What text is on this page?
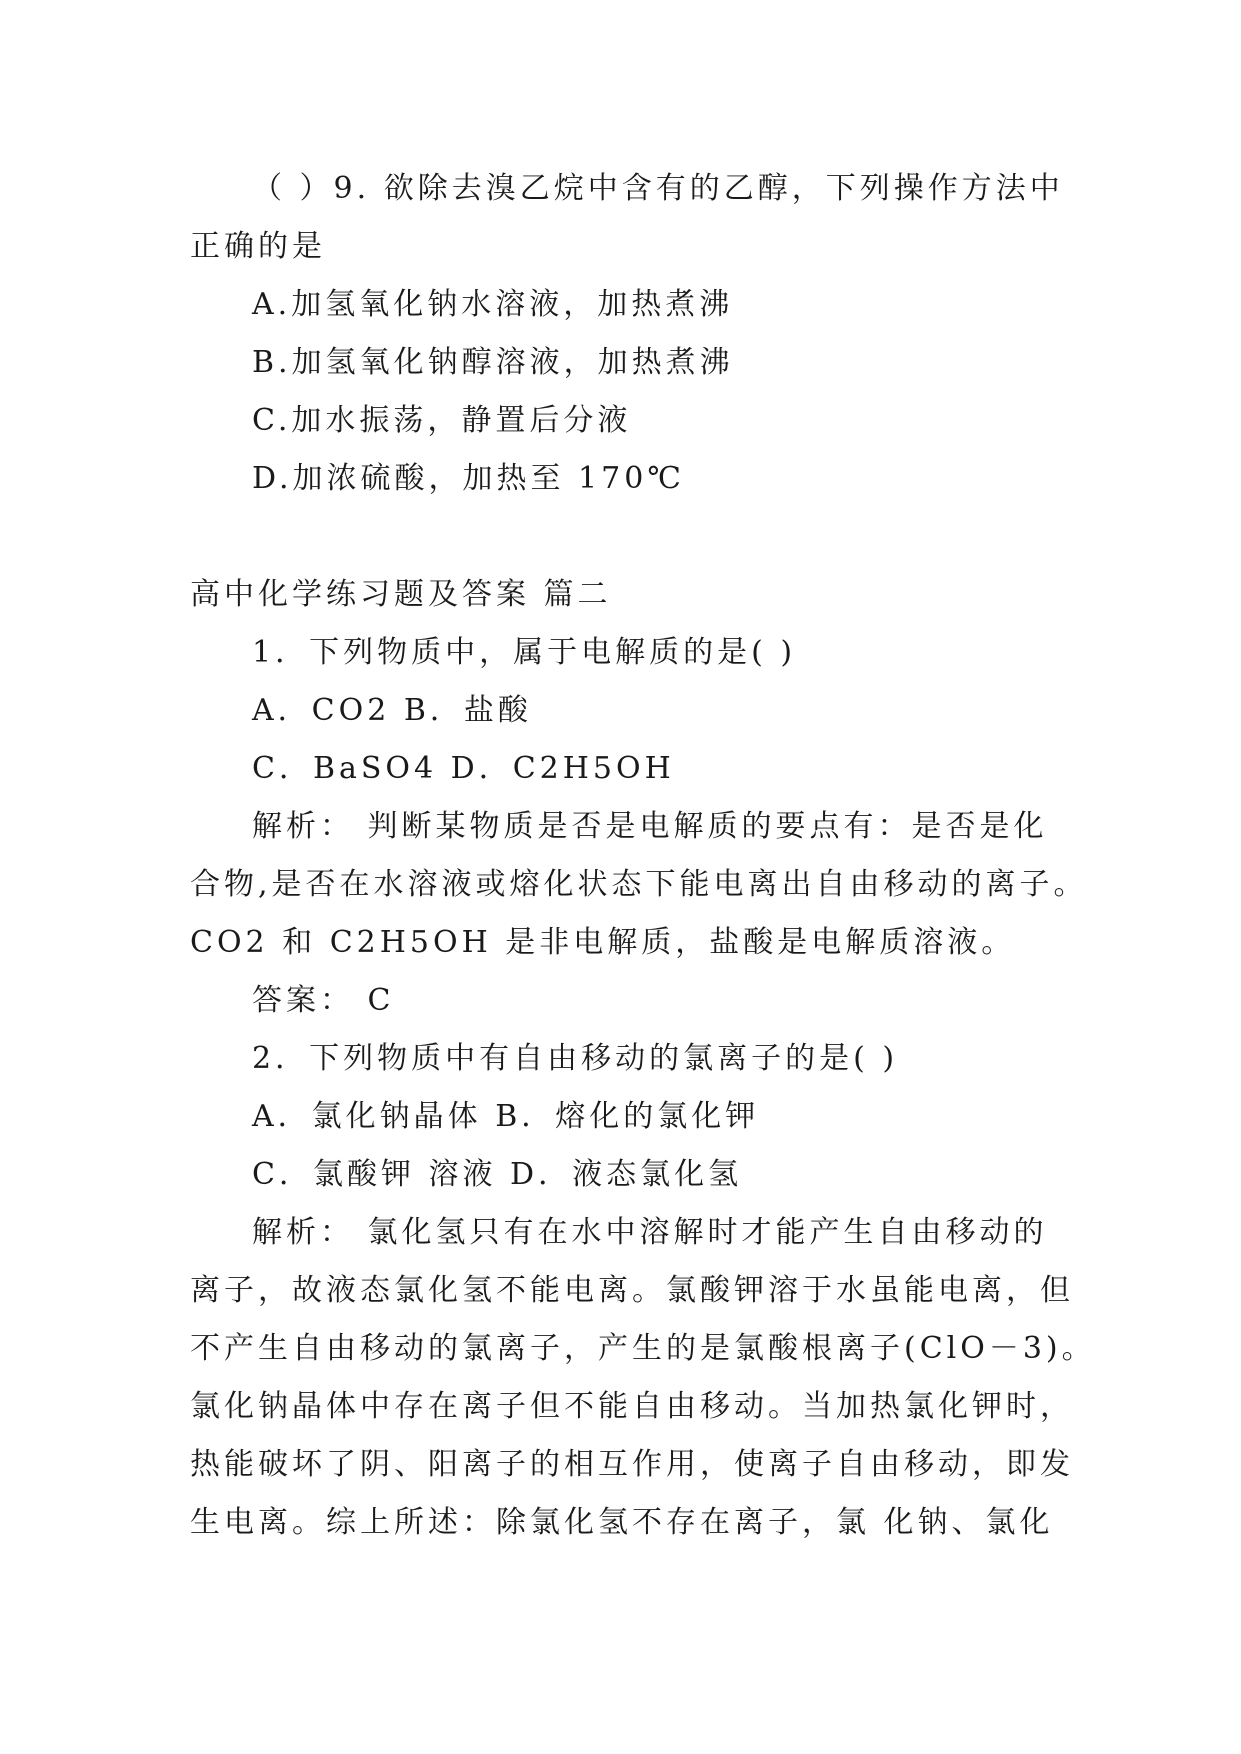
（ ）9. 欲除去溴乙烷中含有的乙醇，下列操作方法中

正确的是

A.加氢氧化钠水溶液，加热煮沸

B.加氢氧化钠醇溶液，加热煮沸

C.加水振荡，静置后分液

D.加浓硫酸，加热至 170℃

高中化学练习题及答案 篇二

1．下列物质中，属于电解质的是( )

A．CO2 B．盐酸

C．BaSO4 D．C2H5OH

解析： 判断某物质是否是电解质的要点有：是否是化

合物,是否在水溶液或熔化状态下能电离出自由移动的离子。

CO2 和 C2H5OH 是非电解质，盐酸是电解质溶液。

答案： C

2．下列物质中有自由移动的氯离子的是( )

A．氯化钠晶体 B．熔化的氯化钾

C．氯酸钾 溶液 D．液态氯化氢

解析： 氯化氢只有在水中溶解时才能产生自由移动的

离子，故液态氯化氢不能电离。氯酸钾溶于水虽能电离，但

不产生自由移动的氯离子，产生的是氯酸根离子(ClO－3)。

氯化钠晶体中存在离子但不能自由移动。当加热氯化钾时，

热能破坏了阴、阳离子的相互作用，使离子自由移动，即发

生电离。综上所述：除氯化氢不存在离子，氯 化钠、氯化
